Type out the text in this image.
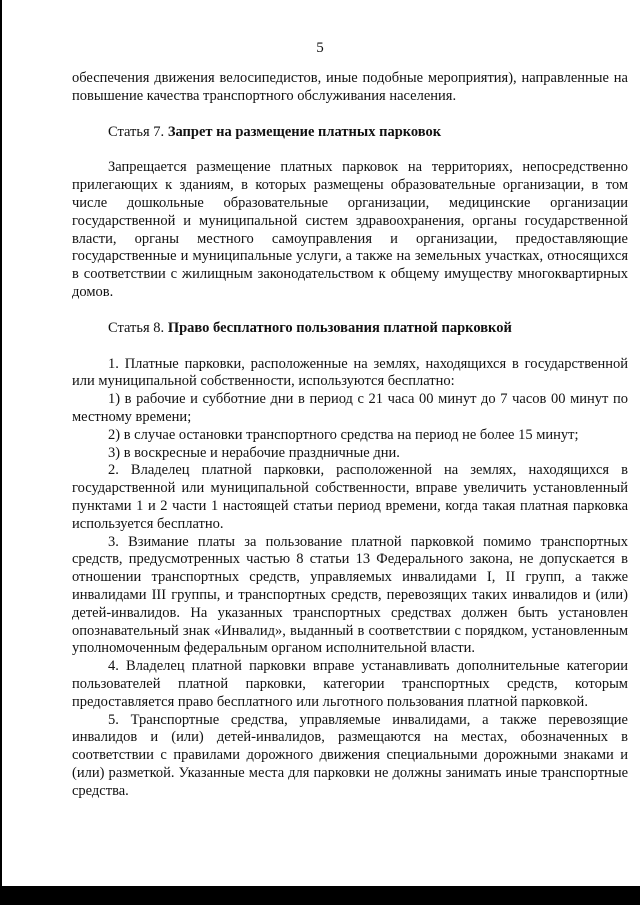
5

обеспечения движения велосипедистов, иные подобные мероприятия), направленные на повышение качества транспортного обслуживания населения.

Статья 7. Запрет на размещение платных парковок

Запрещается размещение платных парковок на территориях, непосредственно прилегающих к зданиям, в которых размещены образовательные организации, в том числе дошкольные образовательные организации, медицинские организации государственной и муниципальной систем здравоохранения, органы государственной власти, органы местного самоуправления и организации, предоставляющие государственные и муниципальные услуги, а также на земельных участках, относящихся в соответствии с жилищным законодательством к общему имуществу многоквартирных домов.

Статья 8. Право бесплатного пользования платной парковкой

1. Платные парковки, расположенные на землях, находящихся в государственной или муниципальной собственности, используются бесплатно:

1) в рабочие и субботние дни в период с 21 часа 00 минут до 7 часов 00 минут по местному времени;

2) в случае остановки транспортного средства на период не более 15 минут;

3) в воскресные и нерабочие праздничные дни.

2. Владелец платной парковки, расположенной на землях, находящихся в государственной или муниципальной собственности, вправе увеличить установленный пунктами 1 и 2 части 1 настоящей статьи период времени, когда такая платная парковка используется бесплатно.

3. Взимание платы за пользование платной парковкой помимо транспортных средств, предусмотренных частью 8 статьи 13 Федерального закона, не допускается в отношении транспортных средств, управляемых инвалидами I, II групп, а также инвалидами III группы, и транспортных средств, перевозящих таких инвалидов и (или) детей-инвалидов. На указанных транспортных средствах должен быть установлен опознавательный знак «Инвалид», выданный в соответствии с порядком, установленным уполномоченным федеральным органом исполнительной власти.

4. Владелец платной парковки вправе устанавливать дополнительные категории пользователей платной парковки, категории транспортных средств, которым предоставляется право бесплатного или льготного пользования платной парковкой.

5. Транспортные средства, управляемые инвалидами, а также перевозящие инвалидов и (или) детей-инвалидов, размещаются на местах, обозначенных в соответствии с правилами дорожного движения специальными дорожными знаками и (или) разметкой. Указанные места для парковки не должны занимать иные транспортные средства.
